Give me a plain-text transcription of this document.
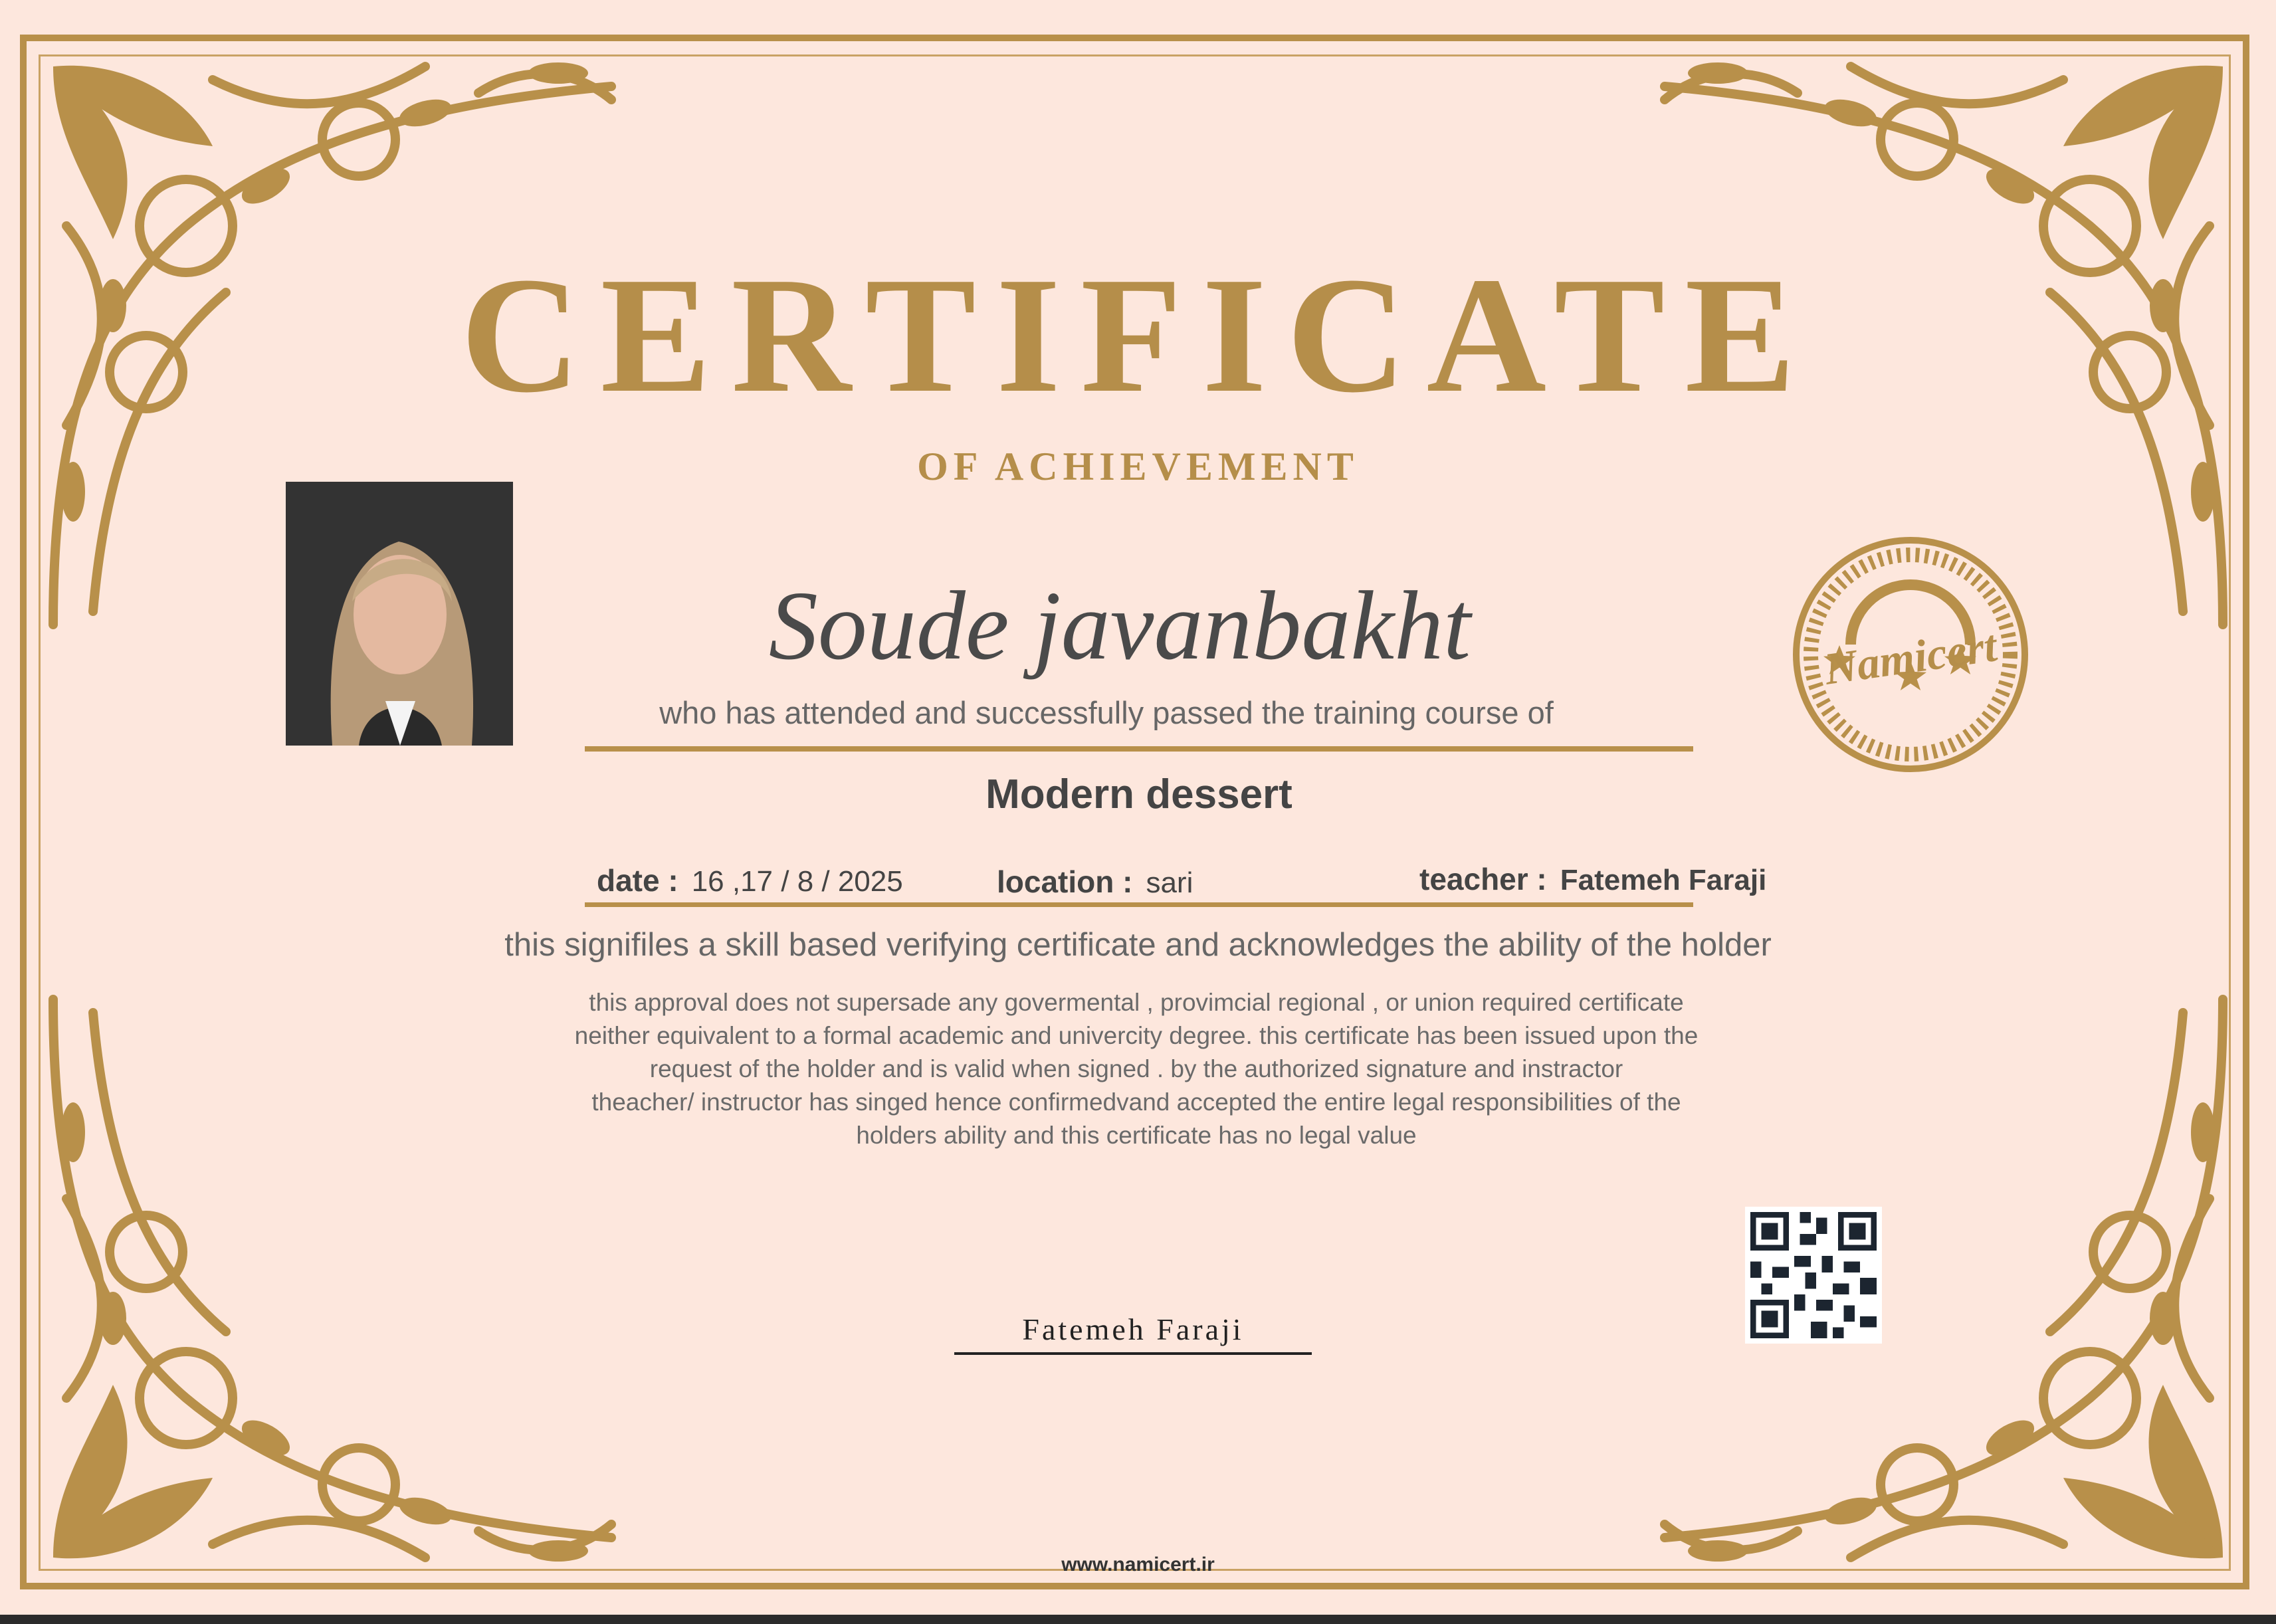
CERTIFICATE
OF ACHIEVEMENT
Soude javanbakht
who has attended and successfully passed the training course of
Modern dessert
date : 16 ,17 / 8 / 2025	location : sari	teacher : Fatemeh Faraji
this signifiles a skill based verifying certificate and acknowledges the ability of the holder
this approval does not supersade any govermental , provimcial regional , or union required certificate
neither equivalent to a formal academic and univercity degree. this certificate has been issued upon the
request of the holder and is valid when signed . by the authorized signature and instractor
theacher/ instructor has singed hence confirmedvand accepted the entire legal responsibilities of the
holders ability and this certificate has no legal value
Namicert
Fatemeh Faraji
www.namicert.ir
